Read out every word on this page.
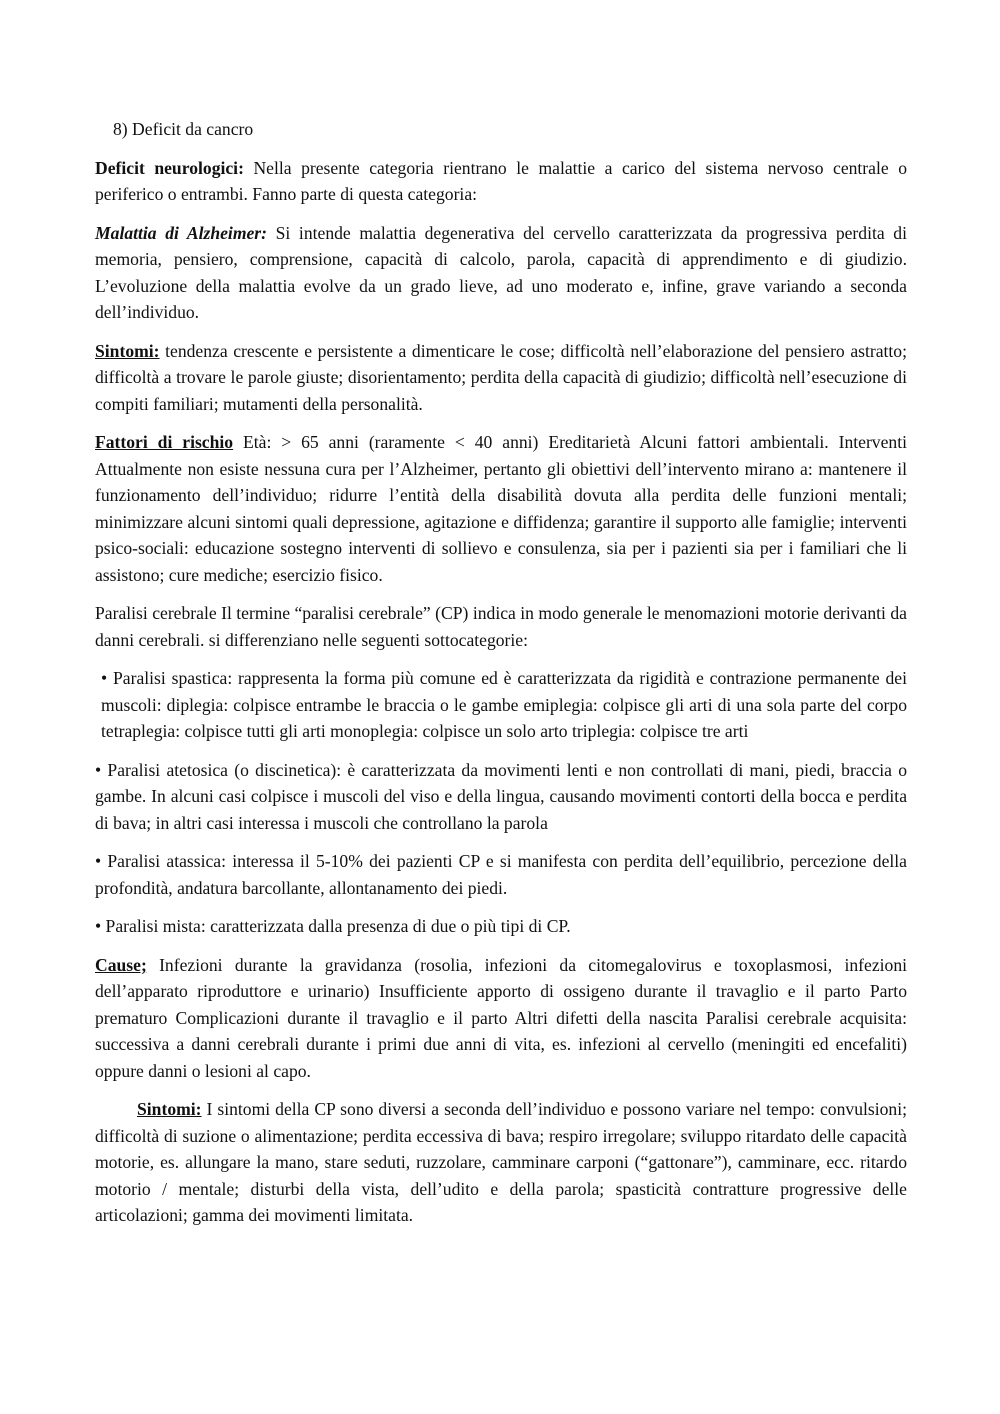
8) Deficit da cancro

Deficit neurologici: Nella presente categoria rientrano le malattie a carico del sistema nervoso centrale o periferico o entrambi. Fanno parte di questa categoria:

Malattia di Alzheimer: Si intende malattia degenerativa del cervello caratterizzata da progressiva perdita di memoria, pensiero, comprensione, capacità di calcolo, parola, capacità di apprendimento e di giudizio. L’evoluzione della malattia evolve da un grado lieve, ad uno moderato e, infine, grave variando a seconda dell’individuo.

Sintomi: tendenza crescente e persistente a dimenticare le cose; difficoltà nell’elaborazione del pensiero astratto; difficoltà a trovare le parole giuste; disorientamento; perdita della capacità di giudizio; difficoltà nell’esecuzione di compiti familiari; mutamenti della personalità.

Fattori di rischio Età: > 65 anni (raramente < 40 anni) Ereditarietà Alcuni fattori ambientali. Interventi Attualmente non esiste nessuna cura per l’Alzheimer, pertanto gli obiettivi dell’intervento mirano a: mantenere il funzionamento dell’individuo; ridurre l’entità della disabilità dovuta alla perdita delle funzioni mentali; minimizzare alcuni sintomi quali depressione, agitazione e diffidenza; garantire il supporto alle famiglie; interventi psico-sociali: educazione sostegno interventi di sollievo e consulenza, sia per i pazienti sia per i familiari che li assistono; cure mediche; esercizio fisico.

Paralisi cerebrale Il termine “paralisi cerebrale” (CP) indica in modo generale le menomazioni motorie derivanti da danni cerebrali. si differenziano nelle seguenti sottocategorie:

• Paralisi spastica: rappresenta la forma più comune ed è caratterizzata da rigidità e contrazione permanente dei muscoli: diplegia: colpisce entrambe le braccia o le gambe emiplegia: colpisce gli arti di una sola parte del corpo tetraplegia: colpisce tutti gli arti monoplegia: colpisce un solo arto triplegia: colpisce tre arti

• Paralisi atetosica (o discinetica): è caratterizzata da movimenti lenti e non controllati di mani, piedi, braccia o gambe. In alcuni casi colpisce i muscoli del viso e della lingua, causando movimenti contorti della bocca e perdita di bava; in altri casi interessa i muscoli che controllano la parola

• Paralisi atassica: interessa il 5-10% dei pazienti CP e si manifesta con perdita dell’equilibrio, percezione della profondità, andatura barcollante, allontanamento dei piedi.

• Paralisi mista: caratterizzata dalla presenza di due o più tipi di CP.

Cause; Infezioni durante la gravidanza (rosolia, infezioni da citomegalovirus e toxoplasmosi, infezioni dell’apparato riproduttore e urinario) Insufficiente apporto di ossigeno durante il travaglio e il parto Parto prematuro Complicazioni durante il travaglio e il parto Altri difetti della nascita Paralisi cerebrale acquisita: successiva a danni cerebrali durante i primi due anni di vita, es. infezioni al cervello (meningiti ed encefaliti) oppure danni o lesioni al capo.

Sintomi: I sintomi della CP sono diversi a seconda dell’individuo e possono variare nel tempo: convulsioni; difficoltà di suzione o alimentazione; perdita eccessiva di bava; respiro irregolare; sviluppo ritardato delle capacità motorie, es. allungare la mano, stare seduti, ruzzolare, camminare carponi (“gattonare”), camminare, ecc. ritardo motorio / mentale; disturbi della vista, dell’udito e della parola; spasticità contratture progressive delle articolazioni; gamma dei movimenti limitata.
